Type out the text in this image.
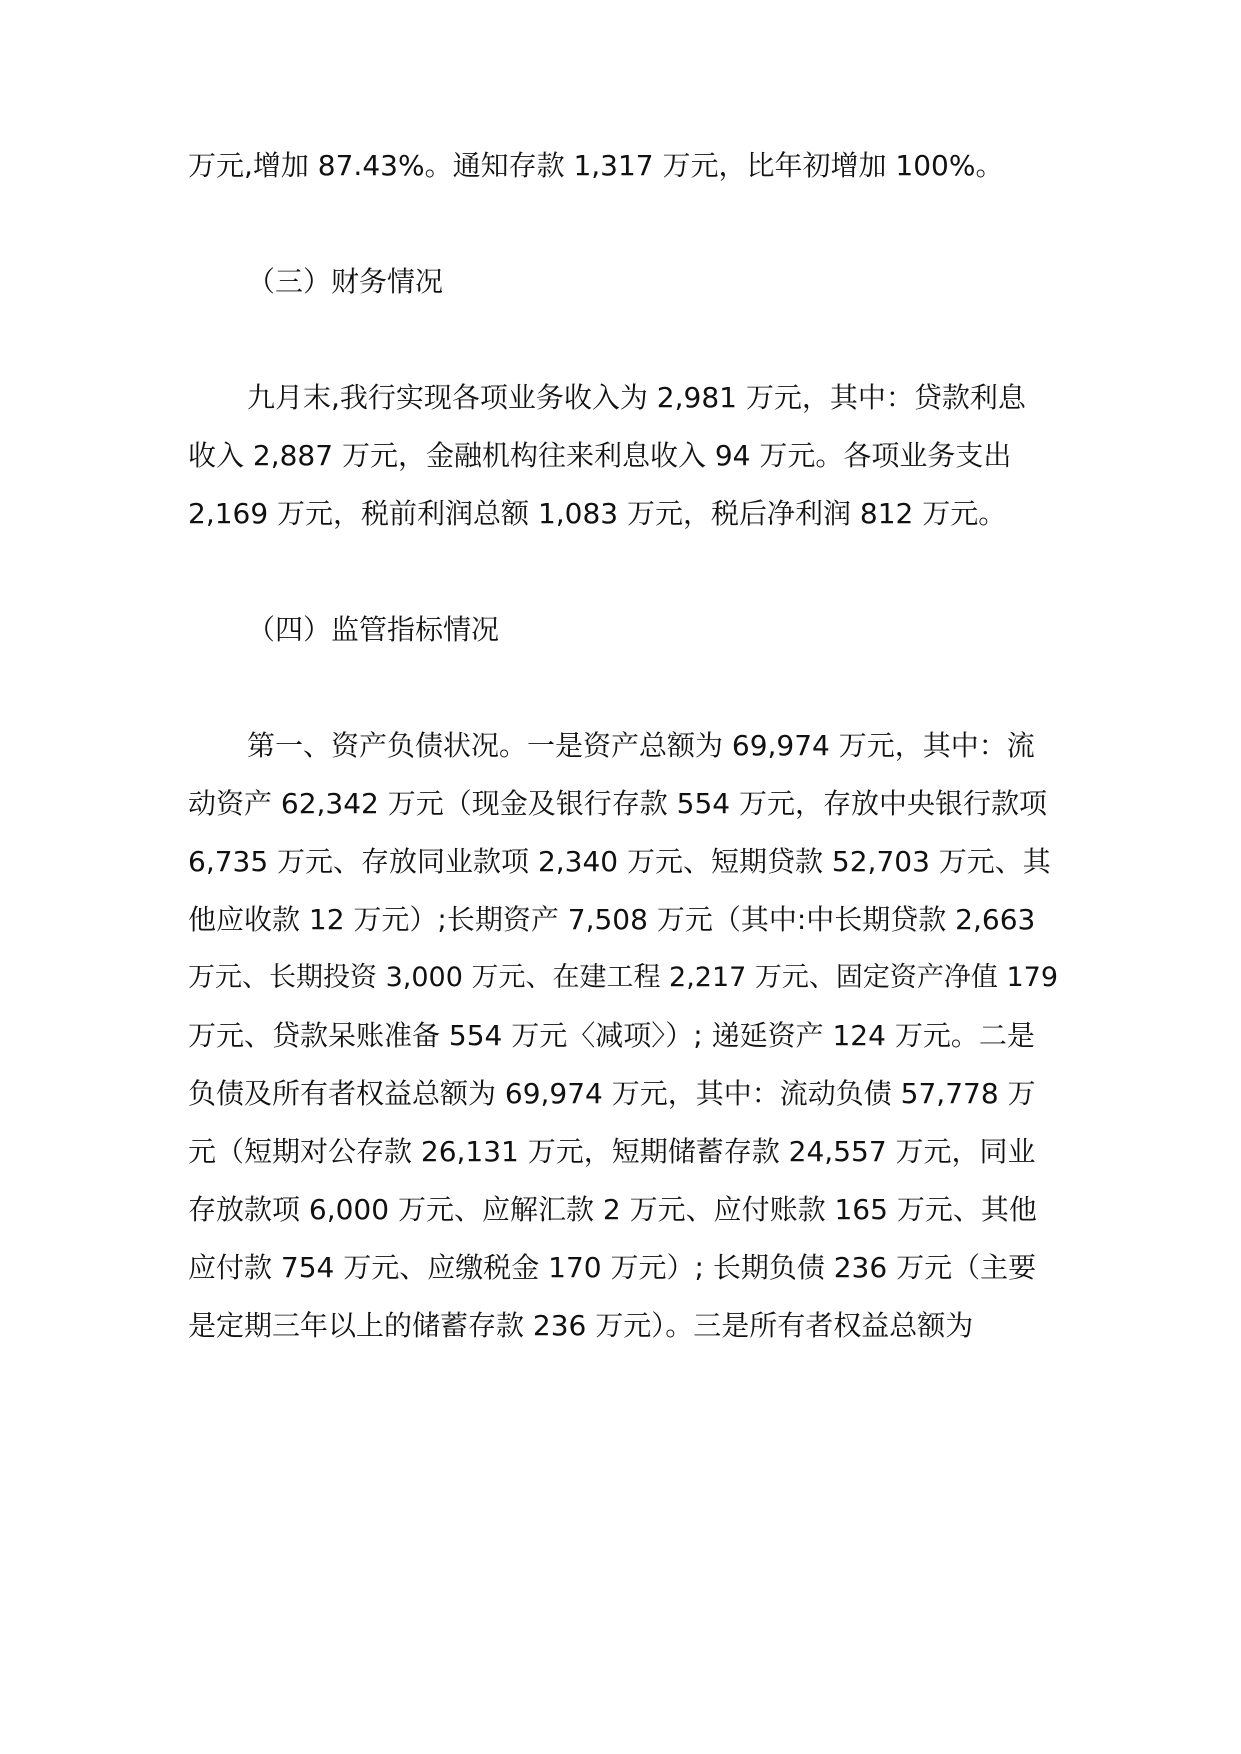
万元,增加 87.43%。通知存款 1,317 万元，比年初增加 100%。
（三）财务情况
九月末,我行实现各项业务收入为 2,981 万元，其中：贷款利息
收入 2,887 万元，金融机构往来利息收入 94 万元。各项业务支出
2,169 万元，税前利润总额 1,083 万元，税后净利润 812 万元。
（四）监管指标情况
第一、资产负债状况。一是资产总额为 69,974 万元，其中：流
动资产 62,342 万元（现金及银行存款 554 万元，存放中央银行款项
6,735 万元、存放同业款项 2,340 万元、短期贷款 52,703 万元、其
他应收款 12 万元）;长期资产 7,508 万元（其中:中长期贷款 2,663
万元、长期投资 3,000 万元、在建工程 2,217 万元、固定资产净值 179
万元、贷款呆账准备 554 万元〈减项〉）; 递延资产 124 万元。二是
负债及所有者权益总额为 69,974 万元，其中：流动负债 57,778 万
元（短期对公存款 26,131 万元，短期储蓄存款 24,557 万元，同业
存放款项 6,000 万元、应解汇款 2 万元、应付账款 165 万元、其他
应付款 754 万元、应缴税金 170 万元）; 长期负债 236 万元（主要
是定期三年以上的储蓄存款 236 万元）。三是所有者权益总额为
